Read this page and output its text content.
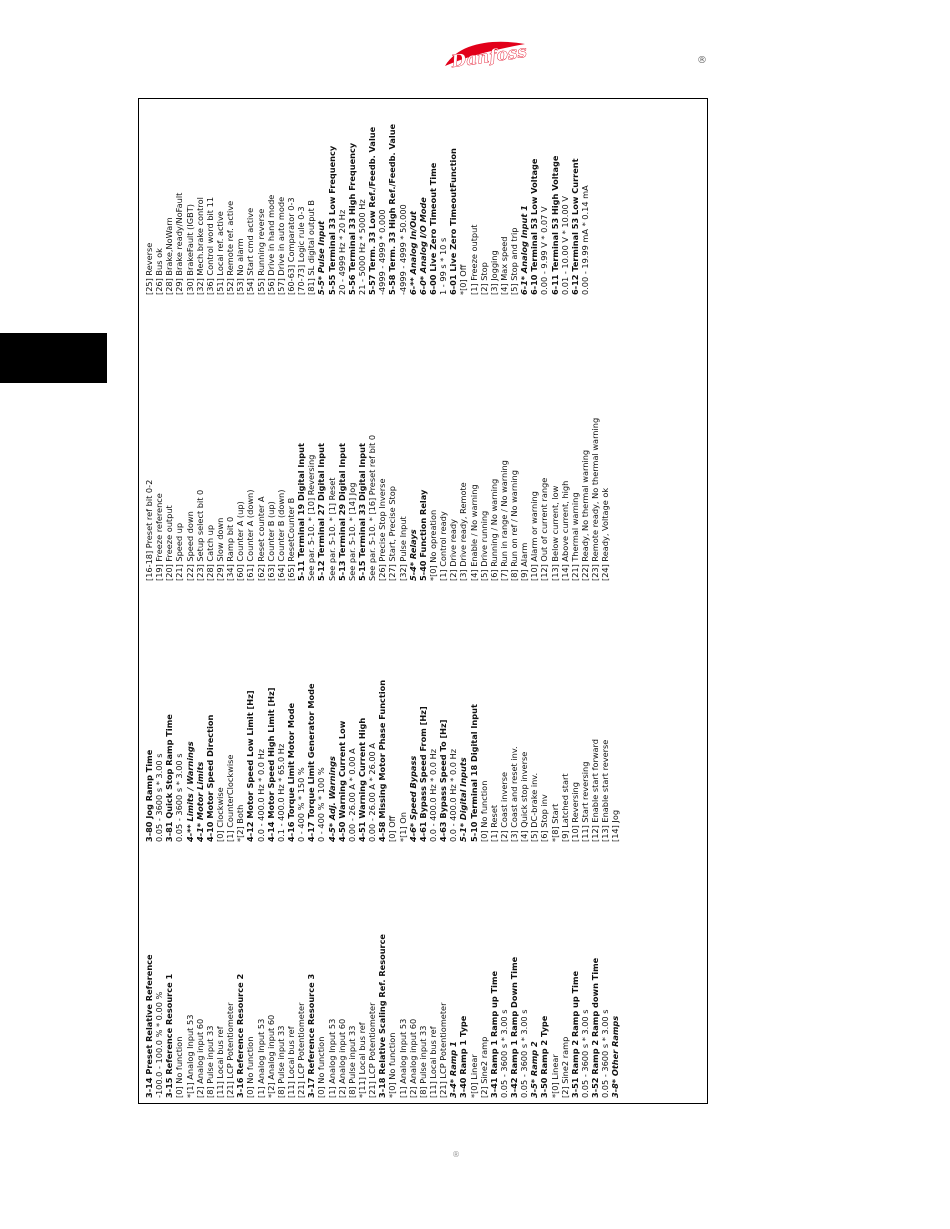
Danfoss	®
3-14 Preset Relative Reference -100.0 - 100.0 % * 0.00 % 3-15 Reference Resource 1 [0] No function *[1] Analog Input 53 [2] Analog input 60 [8] Pulse input 33 [11] Local bus ref [21] LCP Potentiometer 3-16 Reference Resource 2 [0] No function [1] Analog Input 53 *[2] Analog input 60 [8] Pulse input 33 [11] Local bus ref [21] LCP Potentiometer 3-17 Reference Resource 3 [0] No function [1] Analog Input 53 [2] Analog input 60 [8] Pulse input 33 *[11] Local bus ref [21] LCP Potentiometer 3-18 Relative Scaling Ref. Resource *[0] No function [1] Analog Input 53 [2] Analog input 60 [8] Pulse input 33 [11] Local bus ref [21] LCP Potentiometer 3-4* Ramp 1 3-40 Ramp 1 Type *[0] Linear [2] Sine2 ramp 3-41 Ramp 1 Ramp up Time 0.05 - 3600 s * 3.00 s 3-42 Ramp 1 Ramp Down Time 0.05 - 3600 s * 3.00 s 3-5* Ramp 2 3-50 Ramp 2 Type *[0] Linear [2] Sine2 ramp 3-51 Ramp 2 Ramp up Time 0.05 - 3600 s * 3.00 s 3-52 Ramp 2 Ramp down Time 0.05 - 3600 s * 3.00 s 3-8* Other Ramps
3-80 Jog Ramp Time 0.05 - 3600 s * 3.00 s 3-81 Quick Stop Ramp Time 0.05 - 3600 s * 3.00 s 4-** Limits / Warnings 4-1* Motor Limits 4-10 Motor Speed Direction [0] Clockwise [1] CounterClockwise *[2] Both 4-12 Motor Speed Low Limit [Hz] 0.0 - 400.0 Hz * 0.0 Hz 4-14 Motor Speed High Limit [Hz] 0.1 - 400.0 Hz * 65.0 Hz 4-16 Torque Limit Motor Mode 0 - 400 % * 150 % 4-17 Torque Limit Generator Mode 0 - 400 % * 100 % 4-5* Adj. Warnings 4-50 Warning Current Low 0.00 - 26.00 A * 0.00 A 4-51 Warning Current High 0.00 - 26.00 A * 26.00 A 4-58 Missing Motor Phase Function [0] Off *[1] On 4-6* Speed Bypass 4-61 Bypass Speed From [Hz] 0.0 - 400.0 Hz * 0.0 Hz 4-63 Bypass Speed To [Hz] 0.0 - 400.0 Hz * 0.0 Hz 5-1* Digital Inputs 5-10 Terminal 18 Digital Input [0] No function [1] Reset [2] Coast inverse [3] Coast and reset inv. [4] Quick stop inverse [5] DC-brake inv. [6] Stop inv *[8] Start [9] Latched start [10] Reversing [11] Start reversing [12] Enable start forward [13] Enable start reverse [14] Jog
[16-18] Preset ref bit 0-2 [19] Freeze reference [20] Freeze output [21] Speed up [22] Speed down [23] Setup select bit 0 [28] Catch up [29] Slow down [34] Ramp bit 0 [60] Counter A (up) [61] Counter A (down) [62] Reset counter A [63] Counter B (up) [64] Counter B (down) [65] ResetCounter B 5-11 Terminal 19 Digital Input See par. 5-10. * [10] Reversing 5-12 Terminal 27 Digital Input See par. 5-10. * [1] Reset 5-13 Terminal 29 Digital Input See par. 5-10. * [14] Jog 5-15 Terminal 33 Digital Input See par. 5-10. * [16] Preset ref bit 0 [26] Precise Stop Inverse [27] Start, Precise Stop [32] Pulse Input 5-4* Relays 5-40 Function Relay *[0] No opreation [1] Control ready [2] Drive ready [3] Drive ready, Remote [4] Enable / No warning [5] Drive running [6] Running / No warning [7] Run in range / No warning [8] Run on ref / No warning [9] Alarm [10] Alarm or warning [12] Out of current range [13] Below current, low [14] Above current, high [21] Thermal warning [22] Ready, No thermal warning [23] Remote ready, No thermal warning [24] Ready, Voltage ok
[25] Reverse [26] Bus ok [28] Brake,NoWarn [29] Brake ready/NoFault [30] BrakeFault (IGBT) [32] Mech.brake control [36] Control word bit 11 [51] Local ref. active [52] Remote ref. active [53] No alarm [54] Start cmd active [55] Running reverse [56] Drive in hand mode [57] Drive in auto mode [60-63] Comparator 0-3 [70-73] Logic rule 0-3 [81] SL digital output B 5-5* Pulse Input 5-55 Terminal 33 Low Frequency 20 - 4999 Hz * 20 Hz 5-56 Terminal 33 High Frequency 21 - 5000 Hz * 5000 Hz 5-57 Term. 33 Low Ref./Feedb. Value -4999 - 4999 * 0.000 5-58 Term. 33 High Ref./Feedb. Value -4999 - 4999 * 50.000 6-** Analog In/Out 6-0* Analog I/O Mode 6-00 Live Zero Timeout Time 1 - 99 s * 10 s 6-01 Live Zero TimeoutFunction *[0] Off [1] Freeze output [2] Stop [3] Jogging [4] Max speed [5] Stop and trip 6-1* Analog Input 1 6-10 Terminal 53 Low Voltage 0.00 - 9.99 V * 0.07 V 6-11 Terminal 53 High Voltage 0.01 - 10.00 V * 10.00 V 6-12 Terminal 53 Low Current 0.00 - 19.99 mA * 0.14 mA
®
